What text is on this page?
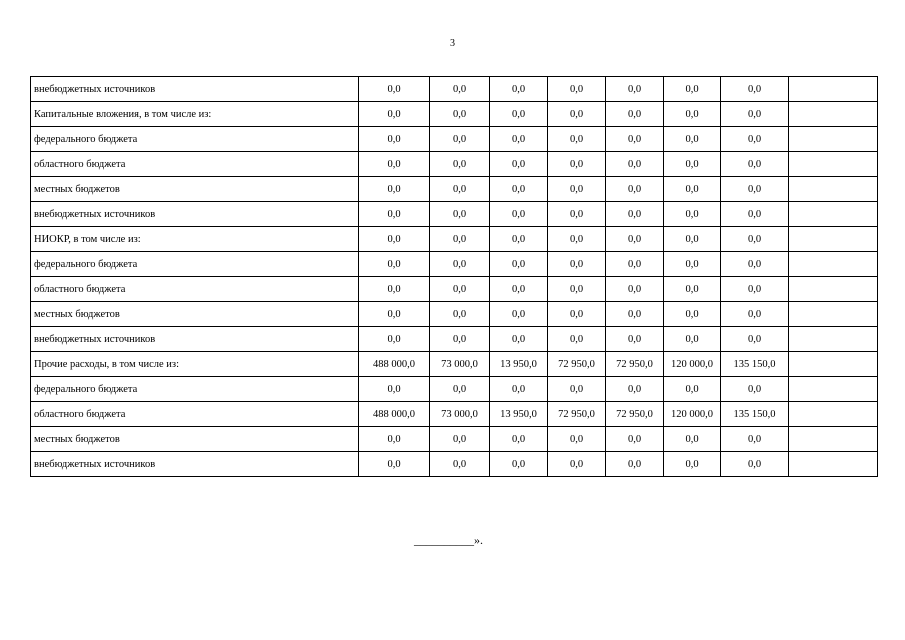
3
внебюджетных источников	0,0	0,0	0,0	0,0	0,0	0,0	0,0	
Капитальные вложения, в том числе из:	0,0	0,0	0,0	0,0	0,0	0,0	0,0	
федерального бюджета	0,0	0,0	0,0	0,0	0,0	0,0	0,0	
областного бюджета	0,0	0,0	0,0	0,0	0,0	0,0	0,0	
местных бюджетов	0,0	0,0	0,0	0,0	0,0	0,0	0,0	
внебюджетных источников	0,0	0,0	0,0	0,0	0,0	0,0	0,0	
НИОКР, в том числе из:	0,0	0,0	0,0	0,0	0,0	0,0	0,0	
федерального бюджета	0,0	0,0	0,0	0,0	0,0	0,0	0,0	
областного бюджета	0,0	0,0	0,0	0,0	0,0	0,0	0,0	
местных бюджетов	0,0	0,0	0,0	0,0	0,0	0,0	0,0	
внебюджетных источников	0,0	0,0	0,0	0,0	0,0	0,0	0,0	
Прочие расходы, в том числе из:	488 000,0	73 000,0	13 950,0	72 950,0	72 950,0	120 000,0	135 150,0	
федерального бюджета	0,0	0,0	0,0	0,0	0,0	0,0	0,0	
областного бюджета	488 000,0	73 000,0	13 950,0	72 950,0	72 950,0	120 000,0	135 150,0	
местных бюджетов	0,0	0,0	0,0	0,0	0,0	0,0	0,0	
внебюджетных источников	0,0	0,0	0,0	0,0	0,0	0,0	0,0	
__________».
